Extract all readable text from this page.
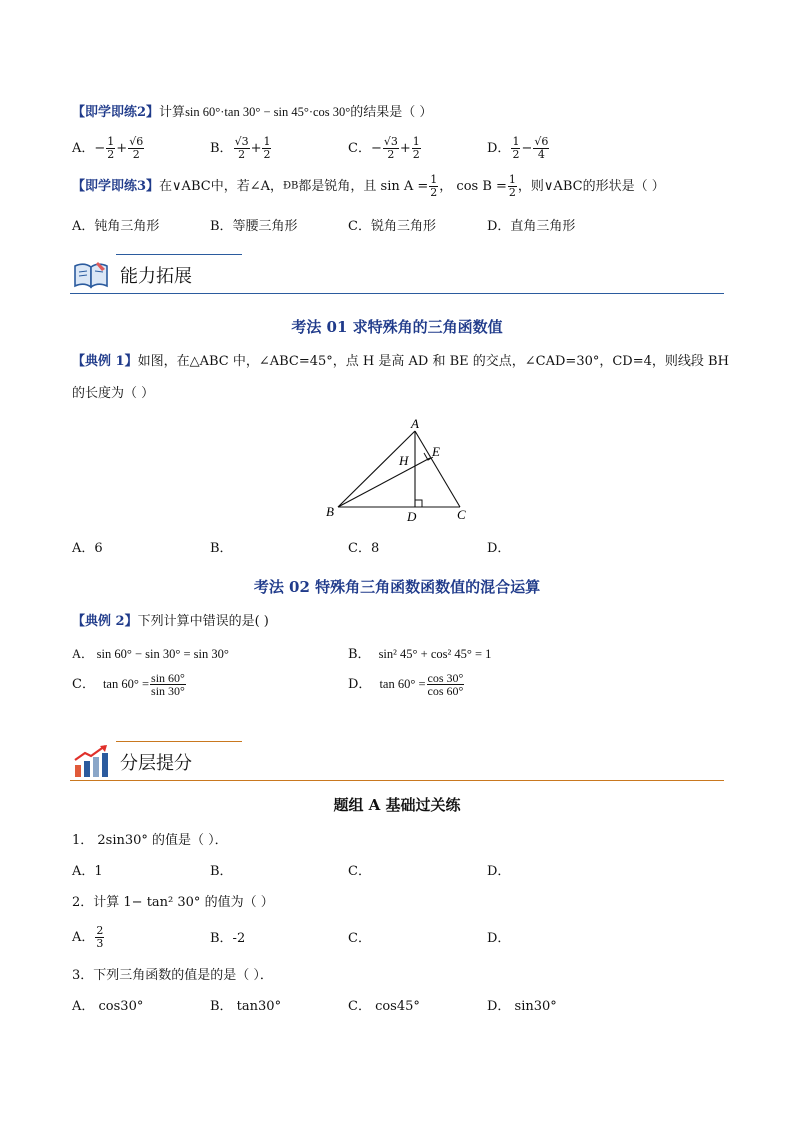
【即学即练2】计算sin 60°·tan 30° − sin 45°·cos 30°的结果是（ ）
A．− $\frac{1}{2} + \frac{√6}{2}$	B． $\frac{√3}{2} + \frac{1}{2}$	C．− $\frac{√3}{2} + \frac{1}{2}$	D． $\frac{1}{2} - \frac{√6}{4}$
【即学即练3】在∨ABC中，若∠A，ÐB都是锐角，且 $\sin A = \frac{1}{2}$ ， $\cos B = \frac{1}{2}$ ，则∨ABC的形状是（ ）
A．钝角三角形	B．等腰三角形	C．锐角三角形	D．直角三角形
能力拓展
考法 01 求特殊角的三角函数值
【典例 1】如图，在△ABC 中，∠ABC=45°，点 H 是高 AD 和 BE 的交点，∠CAD=30°，CD=4，则线段 BH
的长度为（ ）
A
B	C
D
E
H
A．6	B．	C．8	D．
考法 02 特殊角三角函数函数值的混合运算
【典例 2】下列计算中错误的是( )
A． sin 60° − sin 30° = sin 30°	B． sin² 45° + cos² 45° = 1
C． $\tan 60^\circ = \frac{\sin 60^\circ}{\sin 30^\circ}$	D． $\tan 60^\circ = \frac{\cos 30^\circ}{\cos 60^\circ}$
分层提分
题组 A 基础过关练
1． 2sin30° 的值是（ ）．
A．1	B．	C．	D．
2．计算 1− tan² 30° 的值为（ ）
A． $\frac{2}{3}$	B．-2	C．	D．
3．下列三角函数的值是的是（ ）．
A． cos30°	B． tan30°	C． cos45°	D． sin30°
